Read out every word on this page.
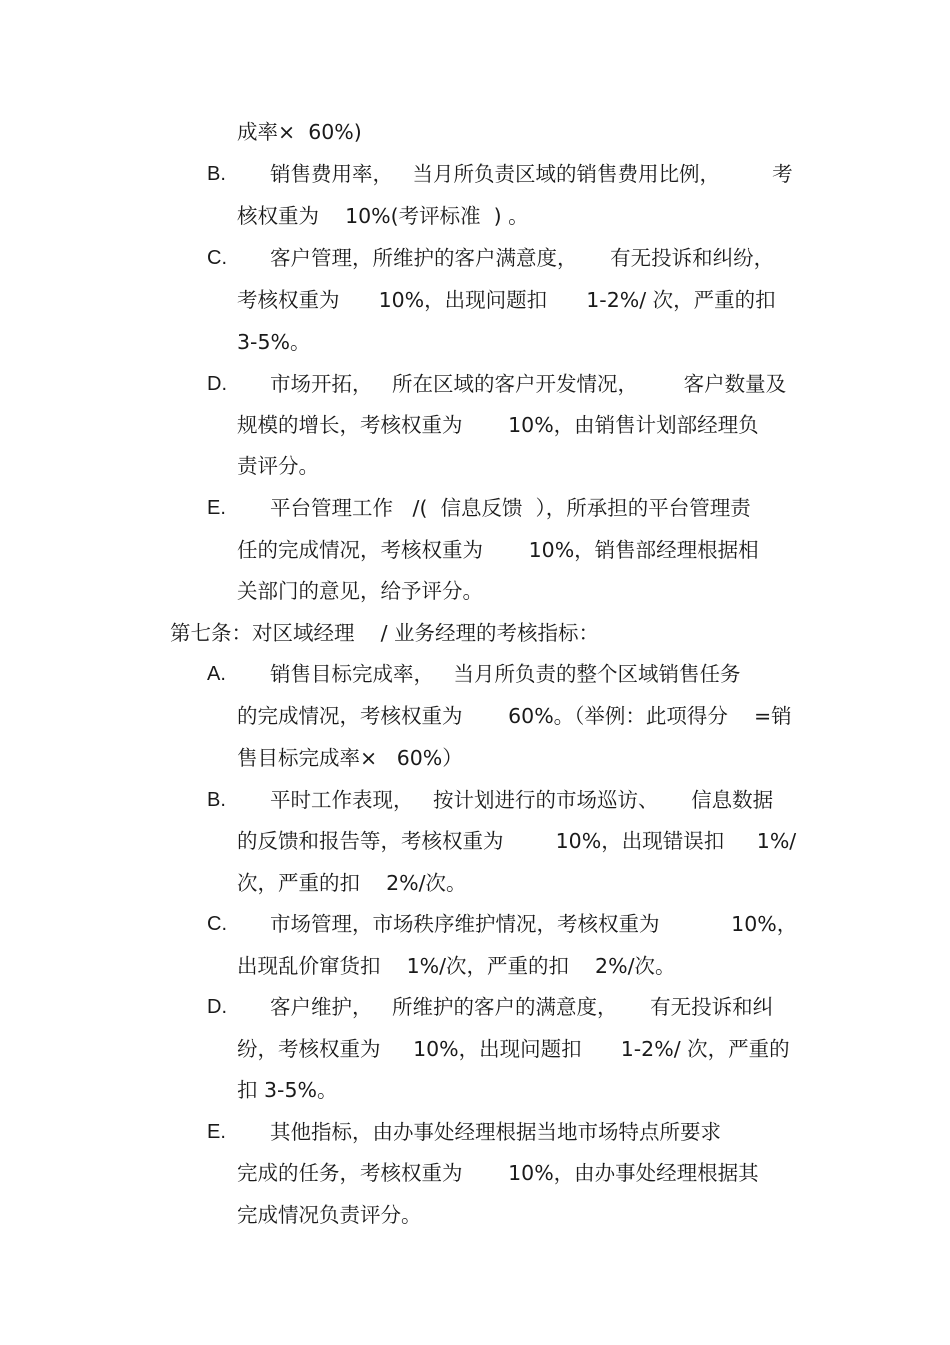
成率×  60%)

B. 销售费用率，   当月所负责区域的销售费用比例，        考

核权重为    10%(考评标准  ) 。

C. 客户管理，所维护的客户满意度，     有无投诉和纠纷，

考核权重为      10%，出现问题扣      1-2%/ 次，严重的扣

3-5%。

D. 市场开拓，   所在区域的客户开发情况，       客户数量及

规模的增长，考核权重为       10%，由销售计划部经理负

责评分。

E. 平台管理工作   /(  信息反馈  ），所承担的平台管理责

任的完成情况，考核权重为       10%，销售部经理根据相

关部门的意见，给予评分。

第七条：对区域经理    / 业务经理的考核指标：

A. 销售目标完成率，   当月所负责的整个区域销售任务

的完成情况，考核权重为       60%。（举例：此项得分    =销

售目标完成率×   60%）

B. 平时工作表现，   按计划进行的市场巡访、     信息数据

的反馈和报告等，考核权重为        10%，出现错误扣     1%/

次，严重的扣    2%/次。

C. 市场管理，市场秩序维护情况，考核权重为           10%，

出现乱价窜货扣    1%/次，严重的扣    2%/次。

D. 客户维护，   所维护的客户的满意度，     有无投诉和纠

纷，考核权重为     10%，出现问题扣      1-2%/ 次，严重的

扣 3-5%。

E. 其他指标，由办事处经理根据当地市场特点所要求

完成的任务，考核权重为       10%，由办事处经理根据其

完成情况负责评分。
